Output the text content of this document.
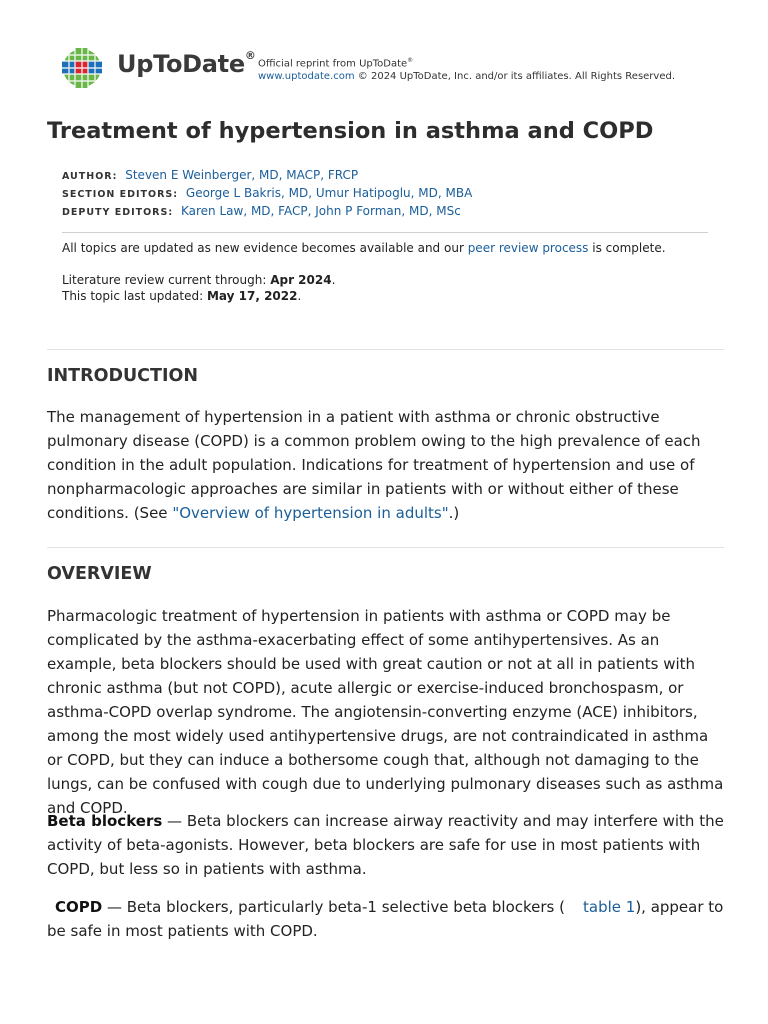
UpToDate®
Official reprint from UpToDate®
www.uptodate.com © 2024 UpToDate, Inc. and/or its affiliates. All Rights Reserved.
Treatment of hypertension in asthma and COPD
AUTHOR: Steven E Weinberger, MD, MACP, FRCP
SECTION EDITORS: George L Bakris, MD, Umur Hatipoglu, MD, MBA
DEPUTY EDITORS: Karen Law, MD, FACP, John P Forman, MD, MSc
All topics are updated as new evidence becomes available and our peer review process is complete.
Literature review current through: Apr 2024.
This topic last updated: May 17, 2022.
INTRODUCTION

The management of hypertension in a patient with asthma or chronic obstructive pulmonary disease (COPD) is a common problem owing to the high prevalence of each condition in the adult population. Indications for treatment of hypertension and use of nonpharmacologic approaches are similar in patients with or without either of these conditions. (See "Overview of hypertension in adults".)

OVERVIEW

Pharmacologic treatment of hypertension in patients with asthma or COPD may be complicated by the asthma-exacerbating effect of some antihypertensives. As an example, beta blockers should be used with great caution or not at all in patients with chronic asthma (but not COPD), acute allergic or exercise-induced bronchospasm, or asthma-COPD overlap syndrome. The angiotensin-converting enzyme (ACE) inhibitors, among the most widely used antihypertensive drugs, are not contraindicated in asthma or COPD, but they can induce a bothersome cough that, although not damaging to the lungs, can be confused with cough due to underlying pulmonary diseases such as asthma and COPD.

Beta blockers — Beta blockers can increase airway reactivity and may interfere with the activity of beta-agonists. However, beta blockers are safe for use in most patients with COPD, but less so in patients with asthma.

COPD — Beta blockers, particularly beta-1 selective beta blockers ( table 1), appear to be safe in most patients with COPD.
